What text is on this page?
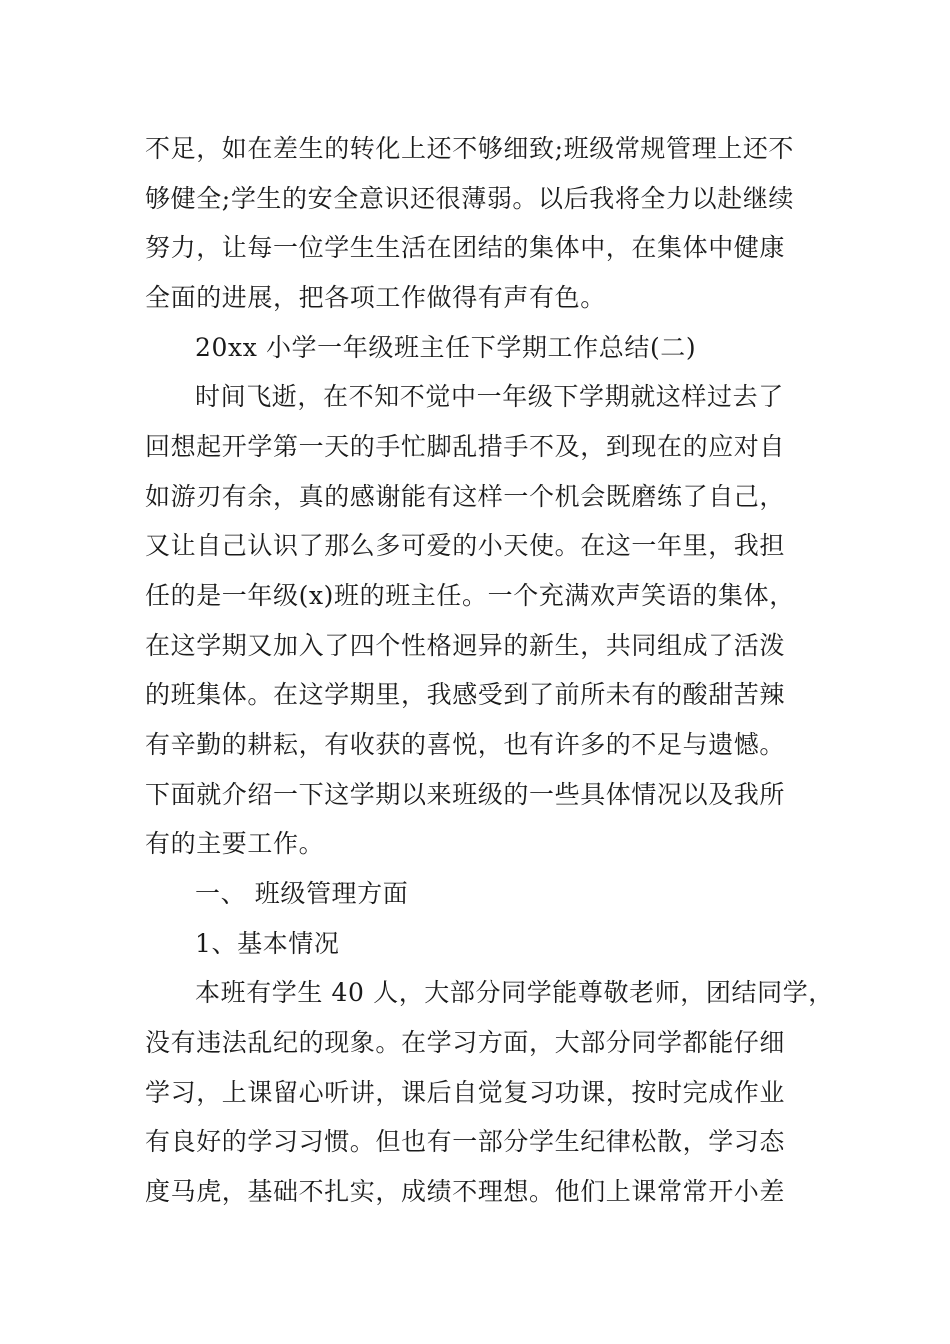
不足，如在差生的转化上还不够细致;班级常规管理上还不
够健全;学生的安全意识还很薄弱。以后我将全力以赴继续
努力，让每一位学生生活在团结的集体中，在集体中健康
全面的进展，把各项工作做得有声有色。
20xx 小学一年级班主任下学期工作总结(二)
时间飞逝，在不知不觉中一年级下学期就这样过去了
回想起开学第一天的手忙脚乱措手不及，到现在的应对自
如游刃有余，真的感谢能有这样一个机会既磨练了自己，
又让自己认识了那么多可爱的小天使。在这一年里，我担
任的是一年级(x)班的班主任。一个充满欢声笑语的集体，
在这学期又加入了四个性格迥异的新生，共同组成了活泼
的班集体。在这学期里，我感受到了前所未有的酸甜苦辣
有辛勤的耕耘，有收获的喜悦，也有许多的不足与遗憾。
下面就介绍一下这学期以来班级的一些具体情况以及我所
有的主要工作。
一、 班级管理方面
1、基本情况
本班有学生 40 人，大部分同学能尊敬老师，团结同学，
没有违法乱纪的现象。在学习方面，大部分同学都能仔细
学习，上课留心听讲，课后自觉复习功课，按时完成作业
有良好的学习习惯。但也有一部分学生纪律松散，学习态
度马虎，基础不扎实，成绩不理想。他们上课常常开小差
